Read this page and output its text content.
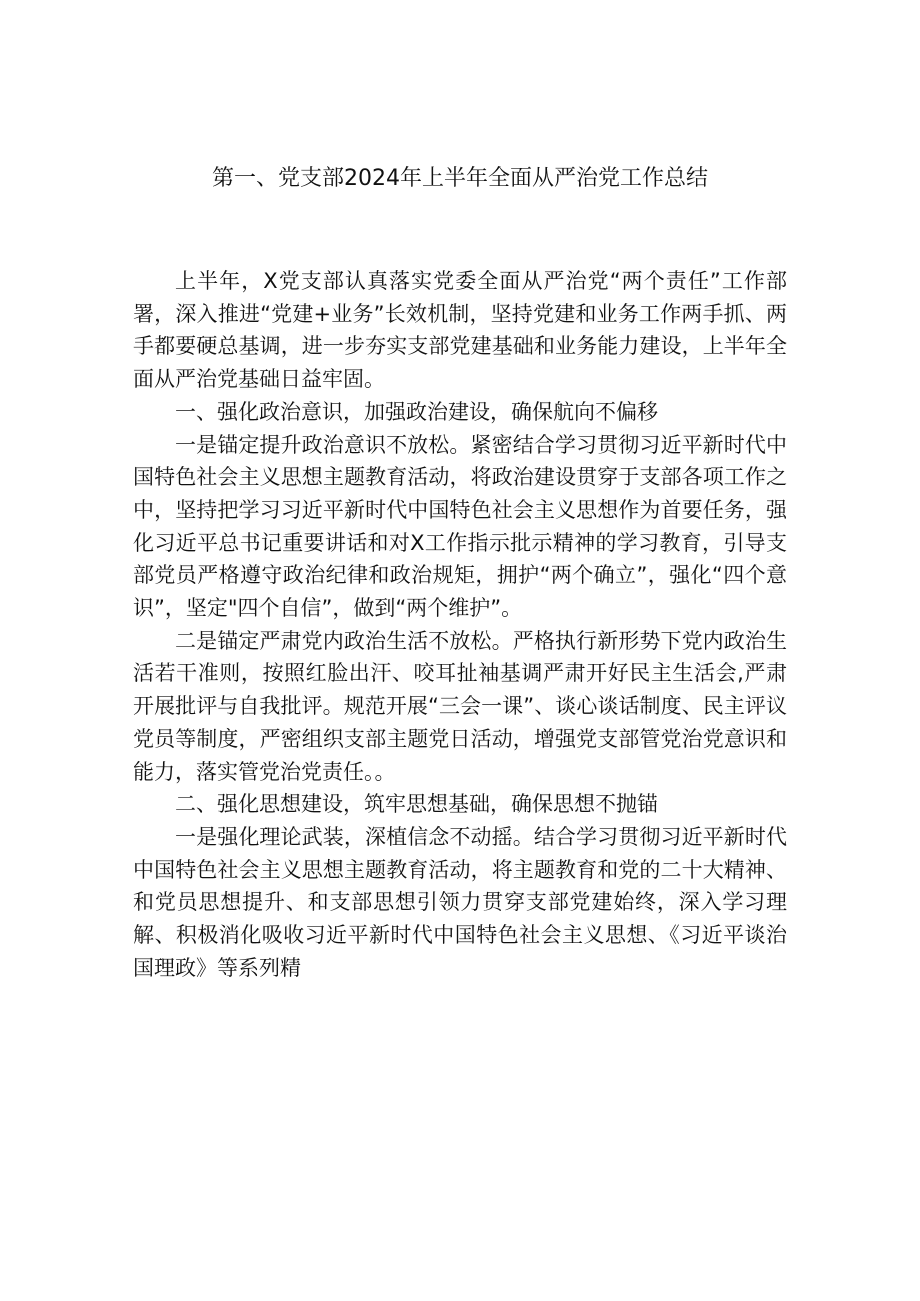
第一、党支部2024年上半年全面从严治党工作总结

上半年，X党支部认真落实党委全面从严治党“两个责任”工作部署，深入推进“党建+业务”长效机制，坚持党建和业务工作两手抓、两手都要硬总基调，进一步夯实支部党建基础和业务能力建设，上半年全面从严治党基础日益牢固。

一、强化政治意识，加强政治建设，确保航向不偏移

一是锚定提升政治意识不放松。紧密结合学习贯彻习近平新时代中国特色社会主义思想主题教育活动，将政治建设贯穿于支部各项工作之中，坚持把学习习近平新时代中国特色社会主义思想作为首要任务，强化习近平总书记重要讲话和对X工作指示批示精神的学习教育，引导支部党员严格遵守政治纪律和政治规矩，拥护“两个确立”，强化“四个意识”，坚定"四个自信”，做到“两个维护”。

二是锚定严肃党内政治生活不放松。严格执行新形势下党内政治生活若干准则，按照红脸出汗、咬耳扯袖基调严肃开好民主生活会,严肃开展批评与自我批评。规范开展“三会一课”、谈心谈话制度、民主评议党员等制度，严密组织支部主题党日活动，增强党支部管党治党意识和能力，落实管党治党责任。。

二、强化思想建设，筑牢思想基础，确保思想不抛锚

一是强化理论武装，深植信念不动摇。结合学习贯彻习近平新时代中国特色社会主义思想主题教育活动，将主题教育和党的二十大精神、和党员思想提升、和支部思想引领力贯穿支部党建始终，深入学习理解、积极消化吸收习近平新时代中国特色社会主义思想、《习近平谈治国理政》等系列精
